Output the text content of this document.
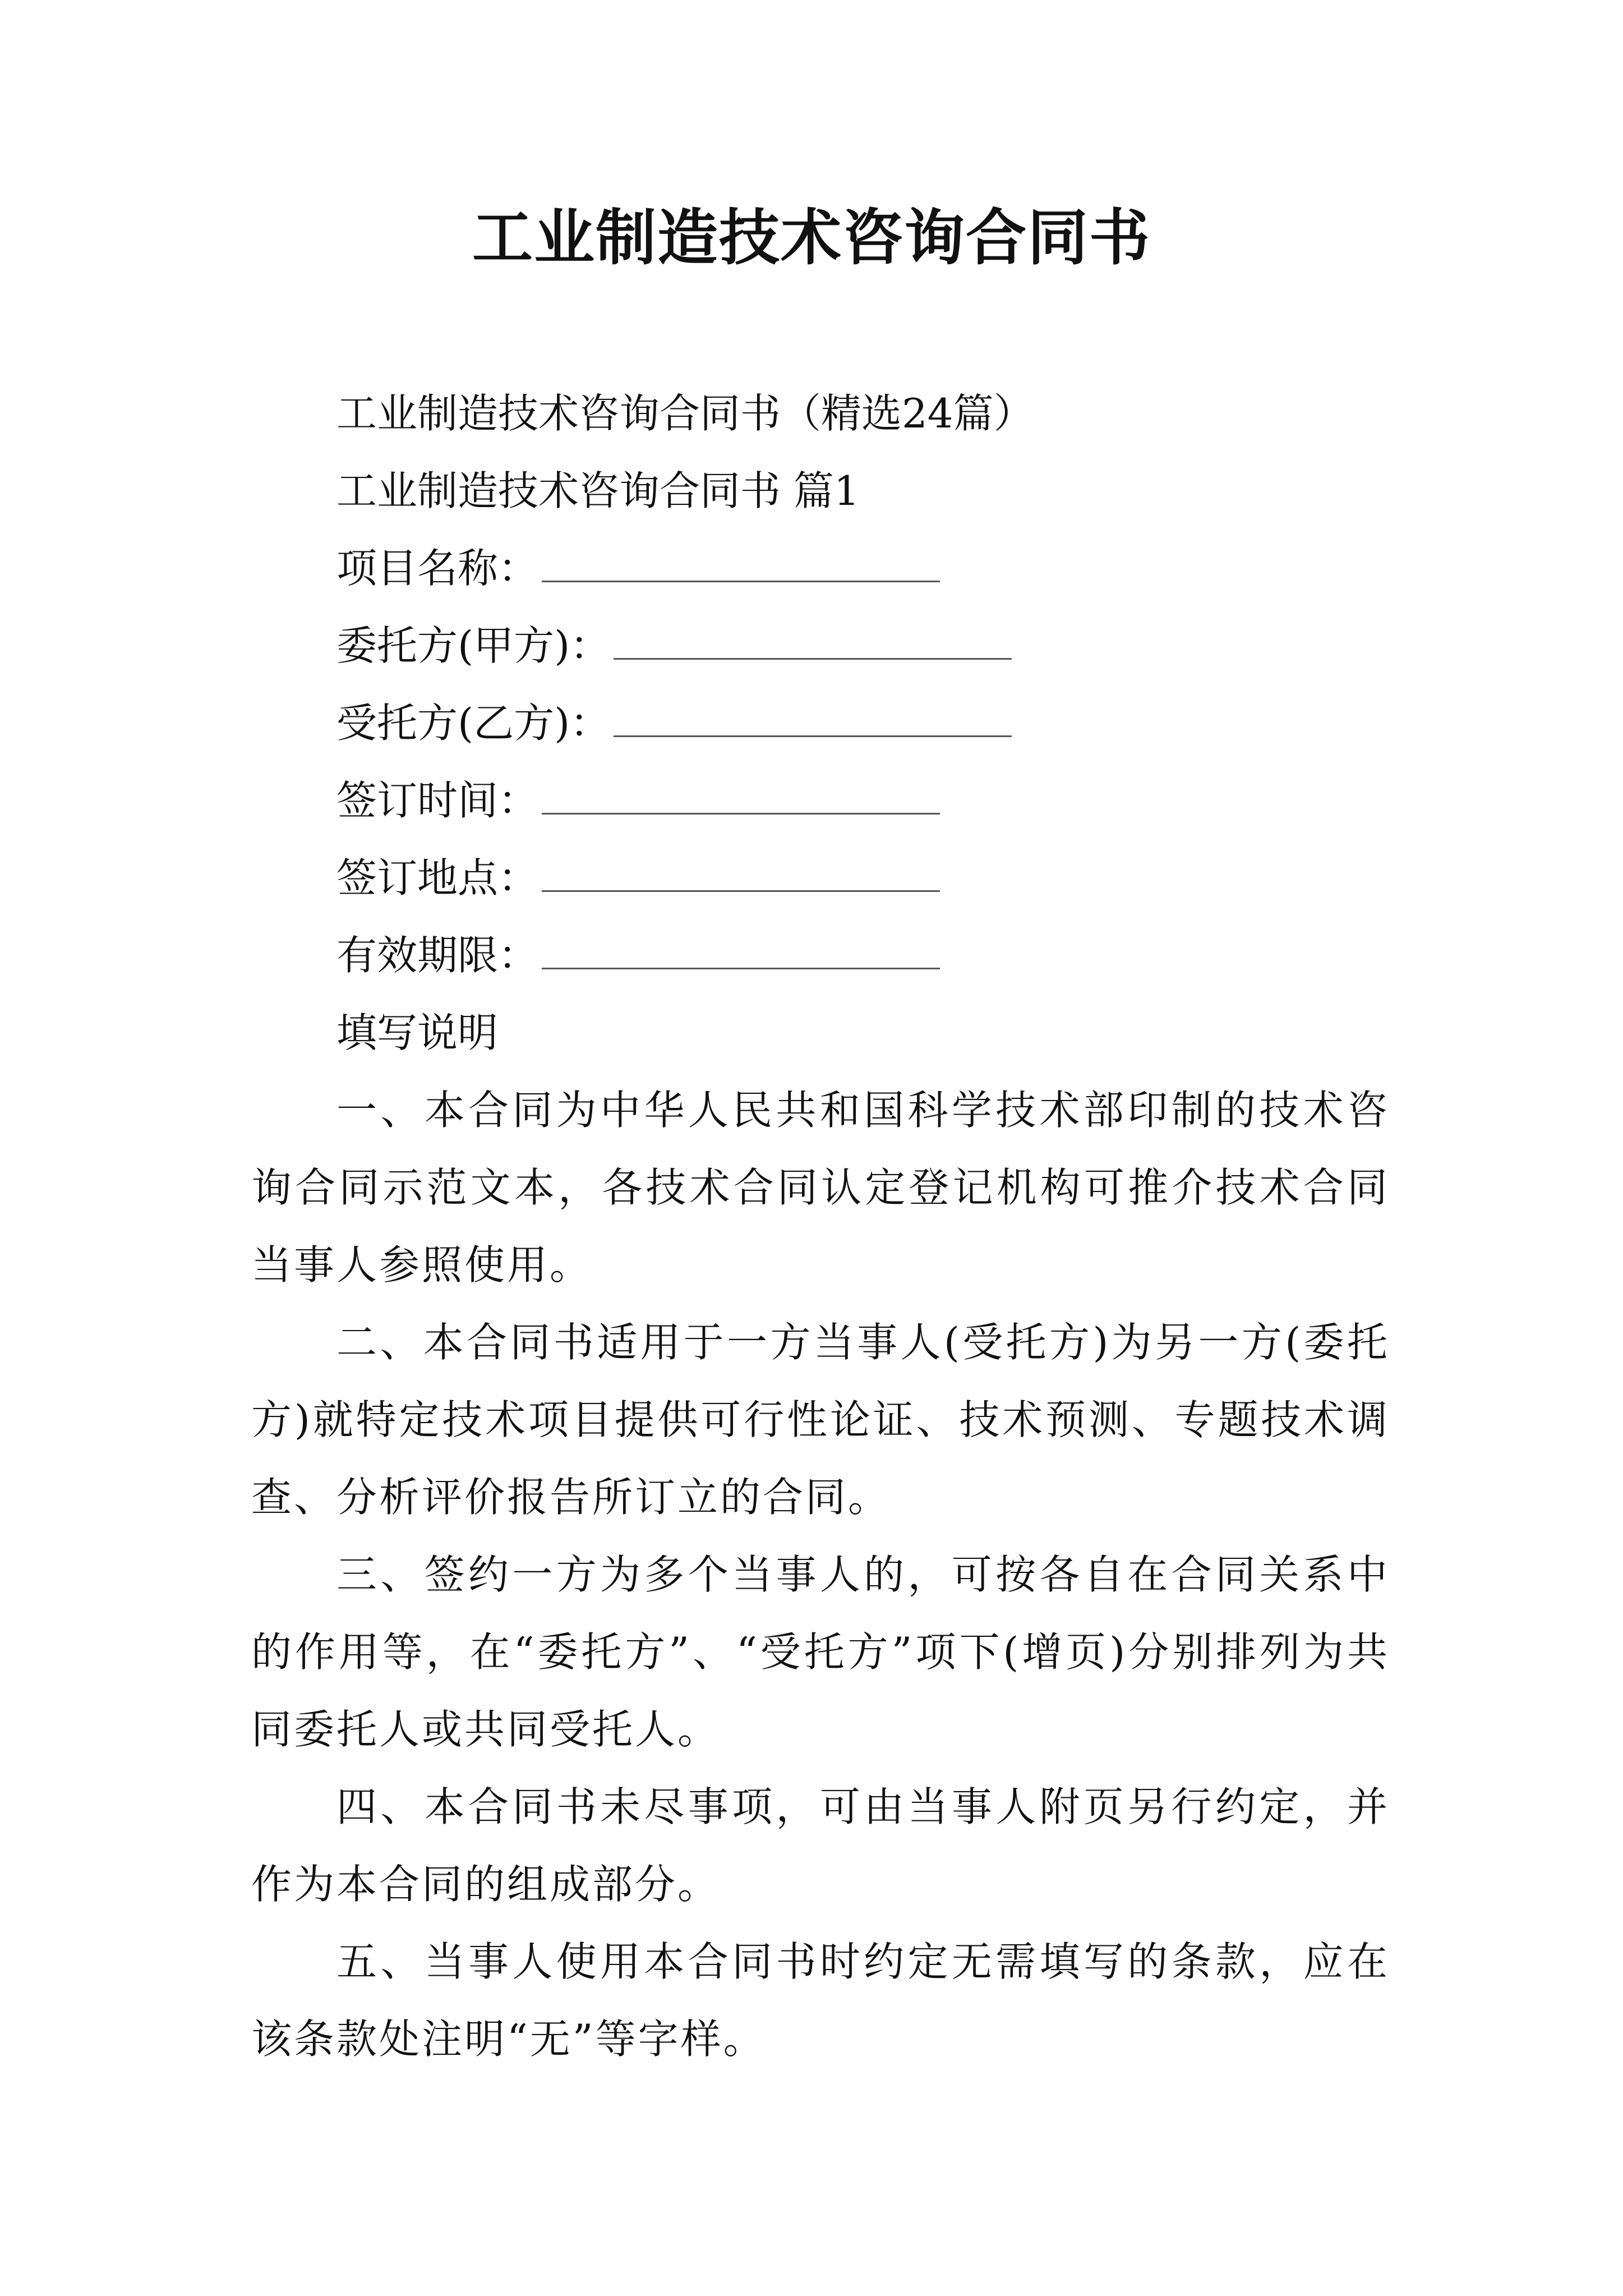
工业制造技术咨询合同书
工业制造技术咨询合同书（精选24篇）
工业制造技术咨询合同书 篇1
项目名称：
委托方(甲方)：
受托方(乙方)：
签订时间：
签订地点：
有效期限：
填写说明

一、本合同为中华人民共和国科学技术部印制的技术咨询合同示范文本，各技术合同认定登记机构可推介技术合同当事人参照使用。

二、本合同书适用于一方当事人(受托方)为另一方(委托方)就特定技术项目提供可行性论证、技术预测、专题技术调查、分析评价报告所订立的合同。

三、签约一方为多个当事人的，可按各自在合同关系中的作用等，在“委托方”、“受托方”项下(增页)分别排列为共同委托人或共同受托人。

四、本合同书未尽事项，可由当事人附页另行约定，并作为本合同的组成部分。

五、当事人使用本合同书时约定无需填写的条款，应在该条款处注明“无”等字样。
